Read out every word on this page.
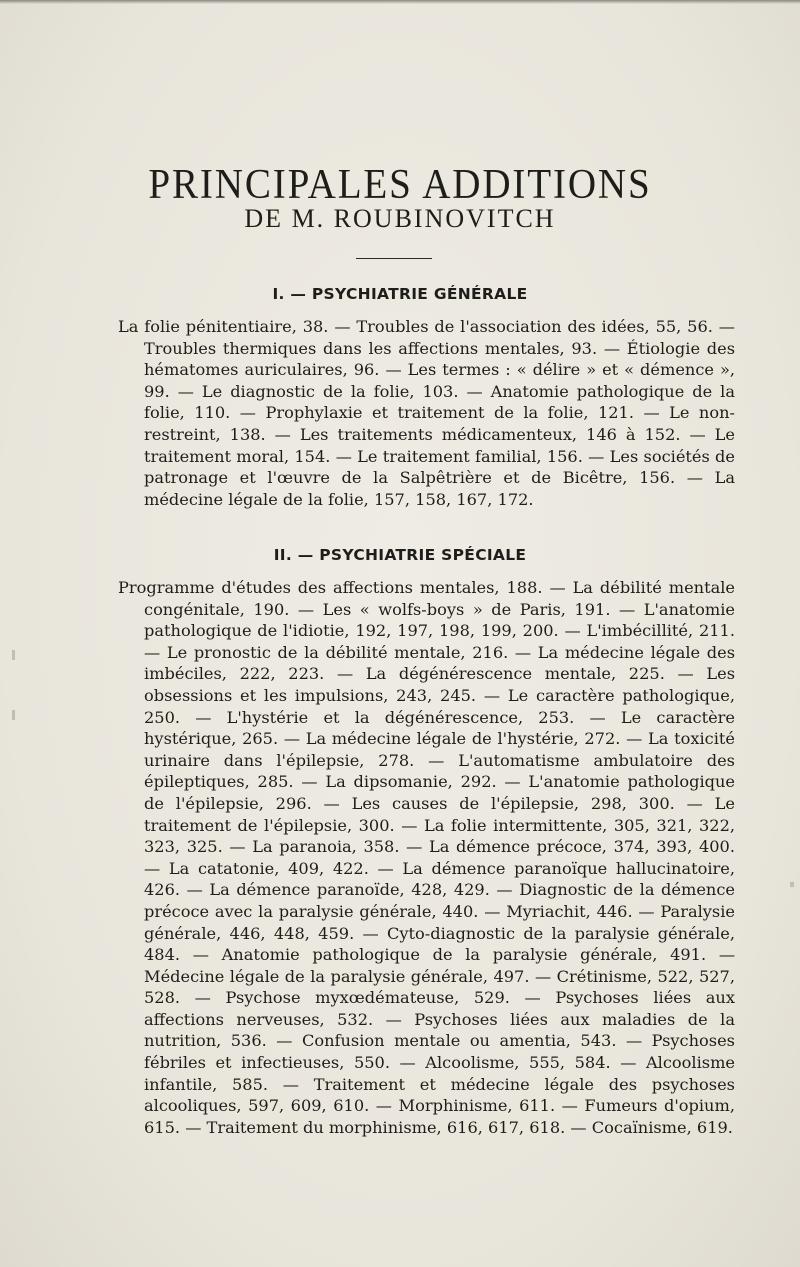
PRINCIPALES ADDITIONS
DE M. ROUBINOVITCH
I. — PSYCHIATRIE GÉNÉRALE
La folie pénitentiaire, 38. — Troubles de l'association des idées, 55, 56. — Troubles thermiques dans les affections mentales, 93. — Étiologie des hématomes auriculaires, 96. — Les termes : « délire » et « démence », 99. — Le diagnostic de la folie, 103. — Anatomie pathologique de la folie, 110. — Prophylaxie et traitement de la folie, 121. — Le non-restreint, 138. — Les traitements médicamenteux, 146 à 152. — Le traitement moral, 154. — Le traitement familial, 156. — Les sociétés de patronage et l'œuvre de la Salpêtrière et de Bicêtre, 156. — La médecine légale de la folie, 157, 158, 167, 172.
II. — PSYCHIATRIE SPÉCIALE
Programme d'études des affections mentales, 188. — La débilité mentale congénitale, 190. — Les « wolfs-boys » de Paris, 191. — L'anatomie pathologique de l'idiotie, 192, 197, 198, 199, 200. — L'imbécillité, 211. — Le pronostic de la débilité mentale, 216. — La médecine légale des imbéciles, 222, 223. — La dégénérescence mentale, 225. — Les obsessions et les impulsions, 243, 245. — Le caractère pathologique, 250. — L'hystérie et la dégénérescence, 253. — Le caractère hystérique, 265. — La médecine légale de l'hystérie, 272. — La toxicité urinaire dans l'épilepsie, 278. — L'automatisme ambulatoire des épileptiques, 285. — La dipsomanie, 292. — L'anatomie pathologique de l'épilepsie, 296. — Les causes de l'épilepsie, 298, 300. — Le traitement de l'épilepsie, 300. — La folie intermittente, 305, 321, 322, 323, 325. — La paranoia, 358. — La démence précoce, 374, 393, 400. — La catatonie, 409, 422. — La démence paranoïque hallucinatoire, 426. — La démence paranoïde, 428, 429. — Diagnostic de la démence précoce avec la paralysie générale, 440. — Myriachit, 446. — Paralysie générale, 446, 448, 459. — Cyto-diagnostic de la paralysie générale, 484. — Anatomie pathologique de la paralysie générale, 491. — Médecine légale de la paralysie générale, 497. — Crétinisme, 522, 527, 528. — Psychose myxœdémateuse, 529. — Psychoses liées aux affections nerveuses, 532. — Psychoses liées aux maladies de la nutrition, 536. — Confusion mentale ou amentia, 543. — Psychoses fébriles et infectieuses, 550. — Alcoolisme, 555, 584. — Alcoolisme infantile, 585. — Traitement et médecine légale des psychoses alcooliques, 597, 609, 610. — Morphinisme, 611. — Fumeurs d'opium, 615. — Traitement du morphinisme, 616, 617, 618. — Cocaïnisme, 619.
